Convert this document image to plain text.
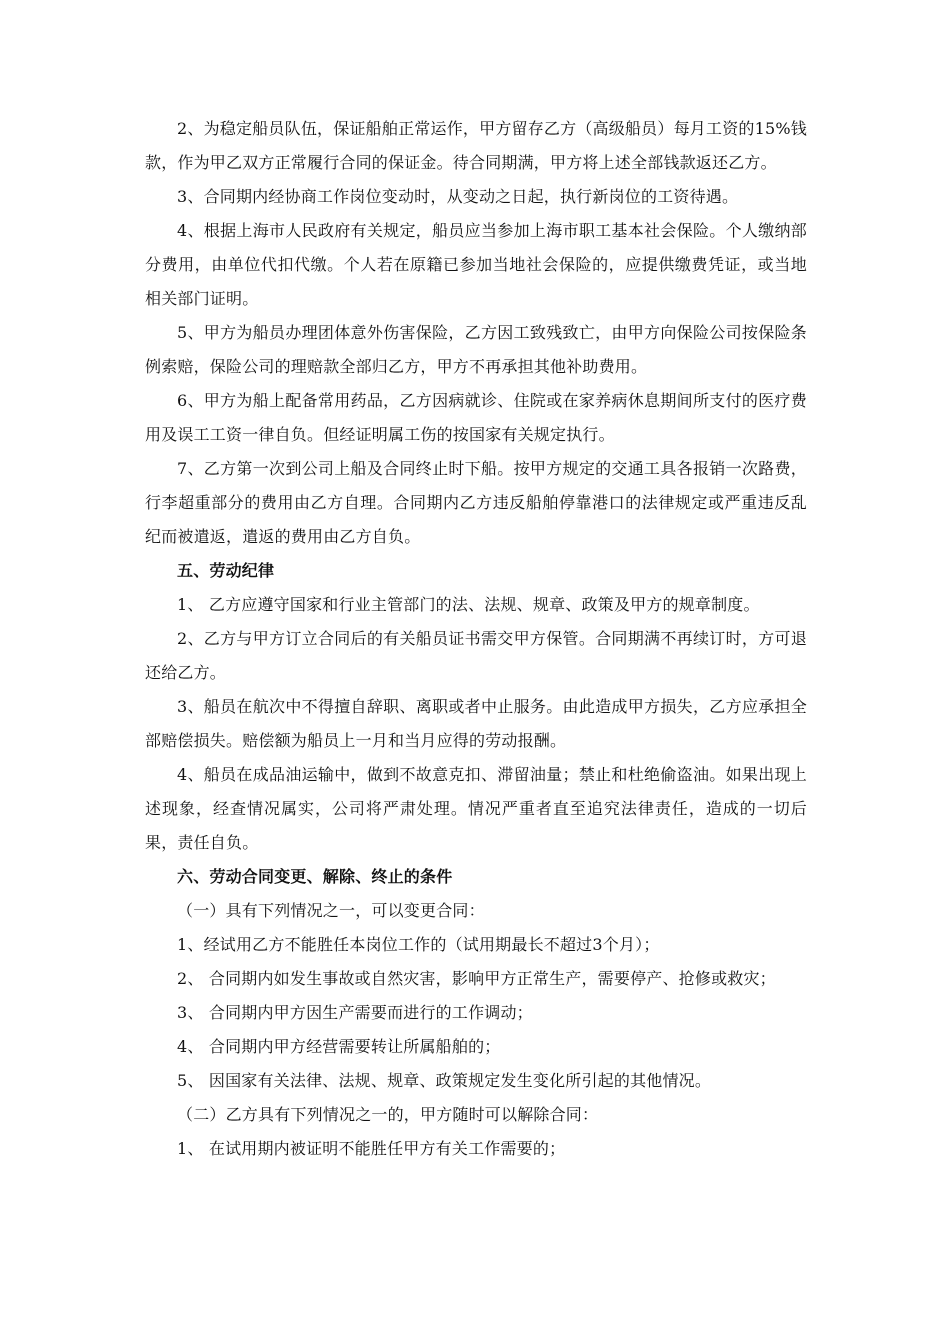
2、为稳定船员队伍，保证船舶正常运作，甲方留存乙方（高级船员）每月工资的15%钱款，作为甲乙双方正常履行合同的保证金。待合同期满，甲方将上述全部钱款返还乙方。

3、合同期内经协商工作岗位变动时，从变动之日起，执行新岗位的工资待遇。

4、根据上海市人民政府有关规定，船员应当参加上海市职工基本社会保险。个人缴纳部分费用，由单位代扣代缴。个人若在原籍已参加当地社会保险的，应提供缴费凭证，或当地相关部门证明。

5、甲方为船员办理团体意外伤害保险，乙方因工致残致亡，由甲方向保险公司按保险条例索赔，保险公司的理赔款全部归乙方，甲方不再承担其他补助费用。

6、甲方为船上配备常用药品，乙方因病就诊、住院或在家养病休息期间所支付的医疗费用及误工工资一律自负。但经证明属工伤的按国家有关规定执行。

7、乙方第一次到公司上船及合同终止时下船。按甲方规定的交通工具各报销一次路费，行李超重部分的费用由乙方自理。合同期内乙方违反船舶停靠港口的法律规定或严重违反乱纪而被遣返，遣返的费用由乙方自负。

五、劳动纪律

1、 乙方应遵守国家和行业主管部门的法、法规、规章、政策及甲方的规章制度。

2、乙方与甲方订立合同后的有关船员证书需交甲方保管。合同期满不再续订时，方可退还给乙方。

3、船员在航次中不得擅自辞职、离职或者中止服务。由此造成甲方损失，乙方应承担全部赔偿损失。赔偿额为船员上一月和当月应得的劳动报酬。

4、船员在成品油运输中，做到不故意克扣、滞留油量；禁止和杜绝偷盗油。如果出现上述现象，经查情况属实，公司将严肃处理。情况严重者直至追究法律责任，造成的一切后果，责任自负。

六、劳动合同变更、解除、终止的条件

（一）具有下列情况之一，可以变更合同：

1、经试用乙方不能胜任本岗位工作的（试用期最长不超过3个月）；

2、 合同期内如发生事故或自然灾害，影响甲方正常生产，需要停产、抢修或救灾；

3、 合同期内甲方因生产需要而进行的工作调动；

4、 合同期内甲方经营需要转让所属船舶的；

5、 因国家有关法律、法规、规章、政策规定发生变化所引起的其他情况。

（二）乙方具有下列情况之一的，甲方随时可以解除合同：

1、 在试用期内被证明不能胜任甲方有关工作需要的；
